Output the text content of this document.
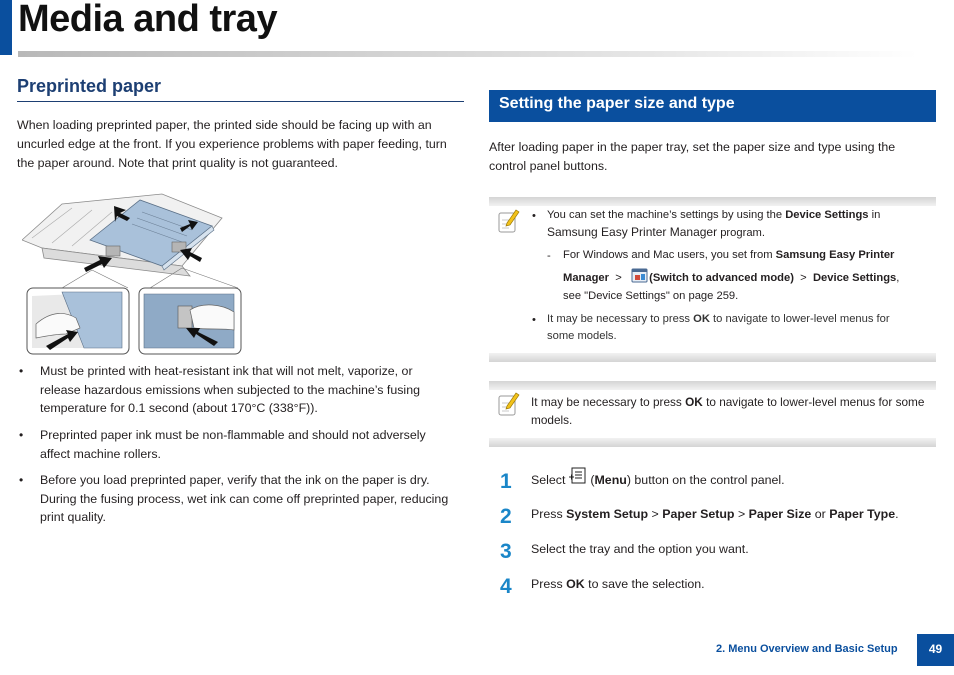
Media and tray
Preprinted paper
When loading preprinted paper, the printed side should be facing up with an
uncurled edge at the front. If you experience problems with paper feeding, turn
the paper around. Note that print quality is not guaranteed.
• Must be printed with heat-resistant ink that will not melt, vaporize, or
release hazardous emissions when subjected to the machine’s fusing
temperature for 0.1 second (about 170°C (338°F)).
• Preprinted paper ink must be non-flammable and should not adversely
affect machine rollers.
• Before you load preprinted paper, verify that the ink on the paper is dry.
During the fusing process, wet ink can come off preprinted paper, reducing
print quality.
Setting the paper size and type
After loading paper in the paper tray, set the paper size and type using the
control panel buttons.
• You can set the machine’s settings by using the Device Settings in
Samsung Easy Printer Manager program.
- For Windows and Mac users, you set from Samsung Easy Printer
Manager > (Switch to advanced mode) > Device Settings,
see "Device Settings" on page 259.
• It may be necessary to press OK to navigate to lower-level menus for
some models.
It may be necessary to press OK to navigate to lower-level menus for some
models.
1 Select  (Menu) button on the control panel.
2 Press System Setup > Paper Setup > Paper Size or Paper Type.
3 Select the tray and the option you want.
4 Press OK to save the selection.
2. Menu Overview and Basic Setup	49
